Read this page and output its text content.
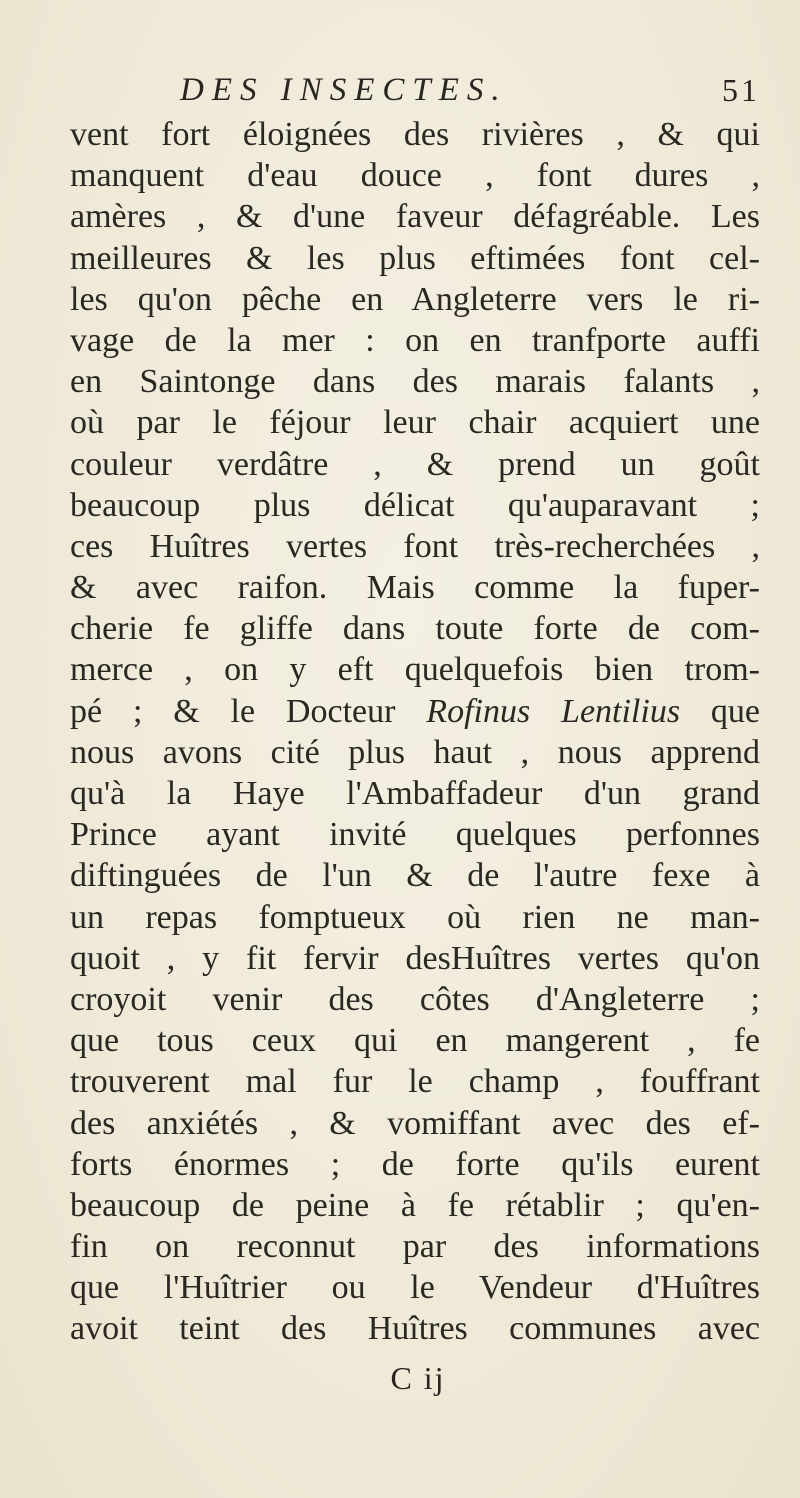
DES INSECTES.	51
vent fort éloignées des rivières , & qui
manquent d'eau douce , font dures ,
amères , & d'une faveur défagréable. Les
meilleures & les plus eftimées font cel-
les qu'on pêche en Angleterre vers le ri-
vage de la mer : on en tranfporte auffi
en Saintonge dans des marais falants ,
où par le féjour leur chair acquiert une
couleur verdâtre , & prend un goût
beaucoup plus délicat qu'auparavant ;
ces Huîtres vertes font très-recherchées ,
& avec raifon. Mais comme la fuper-
cherie fe gliffe dans toute forte de com-
merce , on y eft quelquefois bien trom-
pé ; & le Docteur Rofinus Lentilius que
nous avons cité plus haut , nous apprend
qu'à la Haye l'Ambaffadeur d'un grand
Prince ayant invité quelques perfonnes
diftinguées de l'un & de l'autre fexe à
un repas fomptueux où rien ne man-
quoit , y fit fervir desHuîtres vertes qu'on
croyoit venir des côtes d'Angleterre ;
que tous ceux qui en mangerent , fe
trouverent mal fur le champ , fouffrant
des anxiétés , & vomiffant avec des ef-
forts énormes ; de forte qu'ils eurent
beaucoup de peine à fe rétablir ; qu'en-
fin on reconnut par des informations
que l'Huîtrier ou le Vendeur d'Huîtres
avoit teint des Huîtres communes avec
C ij
